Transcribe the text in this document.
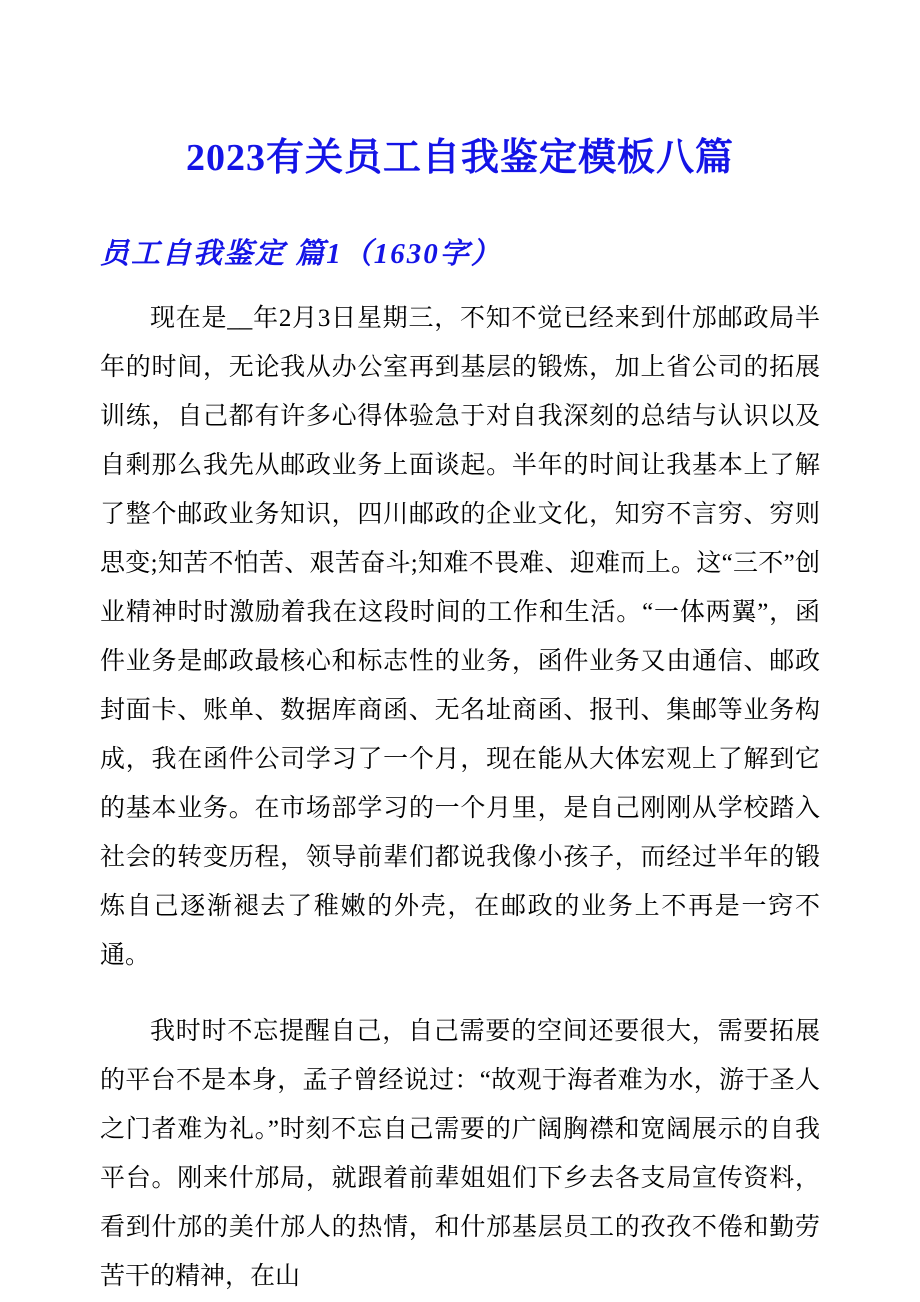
2023有关员工自我鉴定模板八篇
员工自我鉴定 篇1（1630字）

现在是__年2月3日星期三，不知不觉已经来到什邡邮政局半年的时间，无论我从办公室再到基层的锻炼，加上省公司的拓展训练，自己都有许多心得体验急于对自我深刻的总结与认识以及自剩那么我先从邮政业务上面谈起。半年的时间让我基本上了解了整个邮政业务知识，四川邮政的企业文化，知穷不言穷、穷则思变;知苦不怕苦、艰苦奋斗;知难不畏难、迎难而上。这“三不”创业精神时时激励着我在这段时间的工作和生活。“一体两翼”，函件业务是邮政最核心和标志性的业务，函件业务又由通信、邮政封面卡、账单、数据库商函、无名址商函、报刊、集邮等业务构成，我在函件公司学习了一个月，现在能从大体宏观上了解到它的基本业务。在市场部学习的一个月里，是自己刚刚从学校踏入社会的转变历程，领导前辈们都说我像小孩子，而经过半年的锻炼自己逐渐褪去了稚嫩的外壳，在邮政的业务上不再是一窍不通。

我时时不忘提醒自己，自己需要的空间还要很大，需要拓展的平台不是本身，孟子曾经说过：“故观于海者难为水，游于圣人之门者难为礼。”时刻不忘自己需要的广阔胸襟和宽阔展示的自我平台。刚来什邡局，就跟着前辈姐姐们下乡去各支局宣传资料，看到什邡的美什邡人的热情，和什邡基层员工的孜孜不倦和勤劳苦干的精神，在山
